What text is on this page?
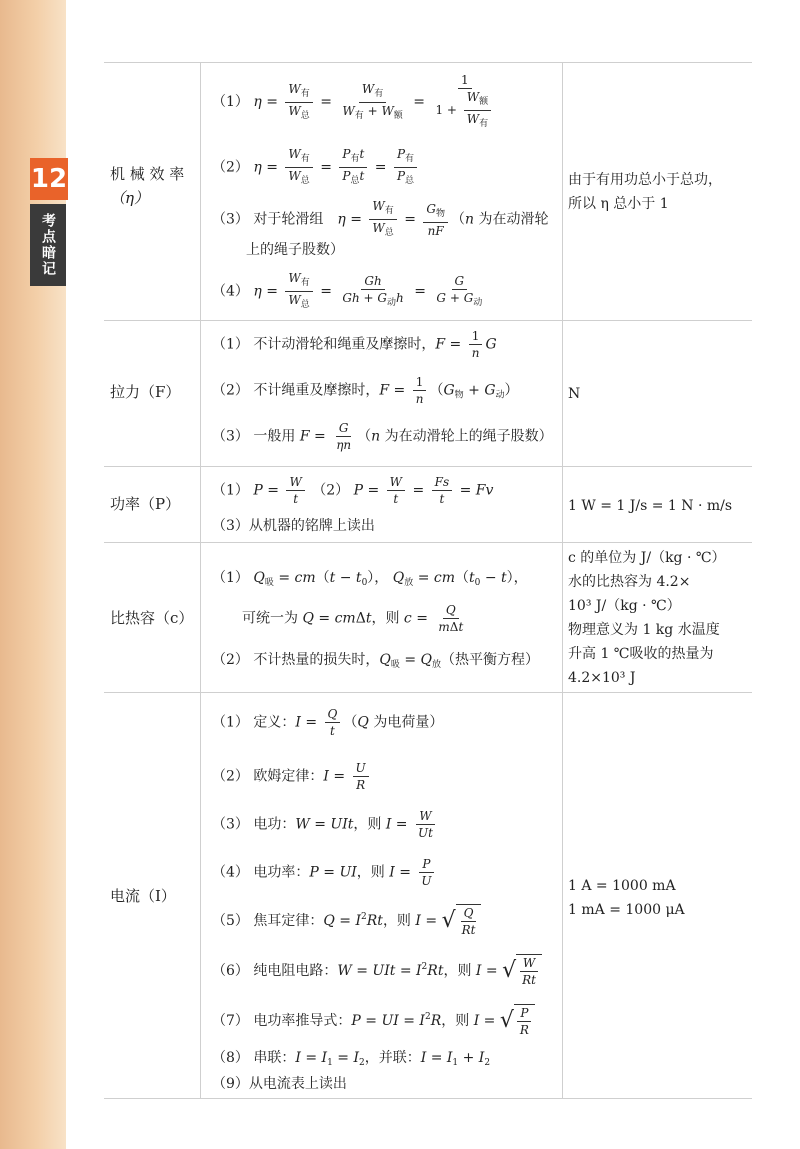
12
考点暗记
机 械 效 率
（η）
由于有用功总小于总功，
所以 η 总小于 1
（1） $\eta = \frac{W_有}{W_总} = \frac{W_有}{W_有 + W_额} = \frac{1}{1 + \frac{W_额}{W_有}}$
（2） $\eta = \frac{W_有}{W_总} = \frac{P_有t}{P_总t} = \frac{P_有}{P_总}$
（3） 对于轮滑组　$\eta = \frac{W_有}{W_总} = \frac{G_物}{nF} (n$ 为在动滑轮
上的绳子股数）
（4） $\eta = \frac{W_有}{W_总} = \frac{Gh}{Gh + G_动h} = \frac{G}{G + G_动}$
拉力（F）	N
（1） 不计动滑轮和绳重及摩擦时，$F = \frac{1}{n}$ G
（2） 不计绳重及摩擦时，$F = \frac{1}{n} (G_物 + G_动)$
（3） 一般用 $F = \frac{G}{\eta n} (n$ 为在动滑轮上的绳子股数）
功率（P）	1 W = 1 J/s = 1 N · m/s
（1） $P = \frac{W}{t} (2) P = \frac{W}{t} = \frac{Fs}{t} = Fv$
（3）从机器的铭牌上读出
比热容（c）
c 的单位为 J/（kg · ℃）
水的比热容为 4.2×
10³ J/（kg · ℃）
物理意义为 1 kg 水温度
升高 1 ℃吸收的热量为
4.2×10³ J
（1） $Q_吸 = cm(t - t_0)$， $Q_放 = cm(t_0 - t)$，
可统一为 Q = cmΔt，则 $c = \frac{Q}{\text{mΔt}}$
（2） 不计热量的损失时，$Q_吸 = Q_放$（热平衡方程）
电流（I）
1 A = 1000 mA
1 mA = 1000 μA
（1） 定义：$I = \frac{Q}{t} (Q$ 为电荷量）
（2） 欧姆定律：$I = \frac{U}{R}$
（3） 电功：W = UIt，则 $I = \frac{W}{Ut}$
（4） 电功率：P = UI，则 $I = \frac{P}{U}$
（5） 焦耳定律：$Q = I^2Rt$，则 I = √ $\frac{Q}{Rt}$
（6） 纯电阻电路：W = UIt = $I^2Rt$，则 I = √ $\frac{W}{Rt}$
（7） 电功率推导式：P = UI = $I^2R$，则 I = √ $\frac{P}{R}$
（8） 串联：$I = I_1 = I_2$，并联：$I = I_1 + I_2$
（9）从电流表上读出
